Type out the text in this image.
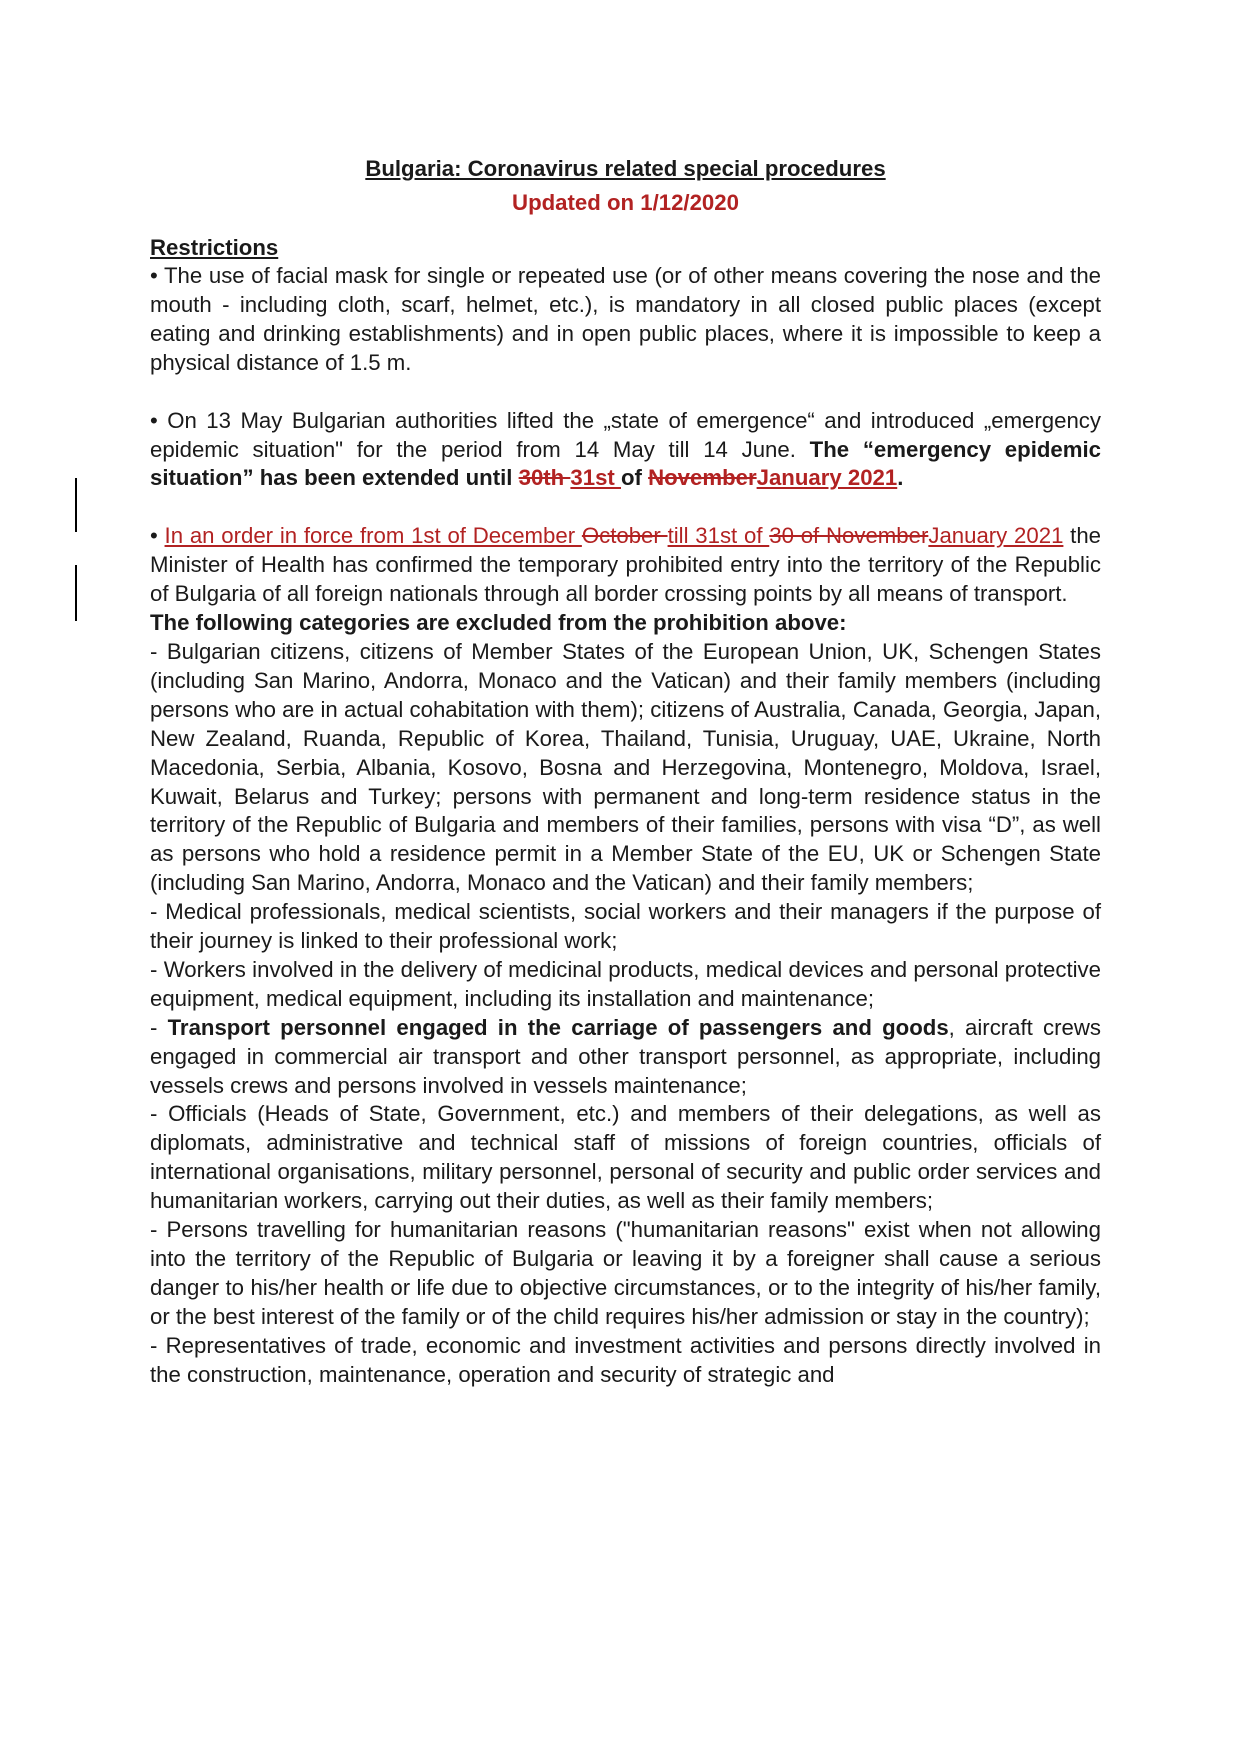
Bulgaria: Coronavirus related special procedures
Updated on 1/12/2020
Restrictions

• The use of facial mask for single or repeated use (or of other means covering the nose and the mouth - including cloth, scarf, helmet, etc.), is mandatory in all closed public places (except eating and drinking establishments) and in open public places, where it is impossible to keep a physical distance of 1.5 m.

• On 13 May Bulgarian authorities lifted the „state of emergence“ and introduced „emergency epidemic situation" for the period from 14 May till 14 June. The “emergency epidemic situation” has been extended until 30th 31st of NovemberJanuary 2021.

• In an order in force from 1st of December October till 31st of 30 of NovemberJanuary 2021 the Minister of Health has confirmed the temporary prohibited entry into the territory of the Republic of Bulgaria of all foreign nationals through all border crossing points by all means of transport.

The following categories are excluded from the prohibition above:

- Bulgarian citizens, citizens of Member States of the European Union, UK, Schengen States (including San Marino, Andorra, Monaco and the Vatican) and their family members (including persons who are in actual cohabitation with them); citizens of Australia, Canada, Georgia, Japan, New Zealand, Ruanda, Republic of Korea, Thailand, Tunisia, Uruguay, UAE, Ukraine, North Macedonia, Serbia, Albania, Kosovo, Bosna and Herzegovina, Montenegro, Moldova, Israel, Kuwait, Belarus and Turkey; persons with permanent and long-term residence status in the territory of the Republic of Bulgaria and members of their families, persons with visa “D”, as well as persons who hold a residence permit in a Member State of the EU, UK or Schengen State (including San Marino, Andorra, Monaco and the Vatican) and their family members;

- Medical professionals, medical scientists, social workers and their managers if the purpose of their journey is linked to their professional work;

- Workers involved in the delivery of medicinal products, medical devices and personal protective equipment, medical equipment, including its installation and maintenance;

- Transport personnel engaged in the carriage of passengers and goods, aircraft crews engaged in commercial air transport and other transport personnel, as appropriate, including vessels crews and persons involved in vessels maintenance;

- Officials (Heads of State, Government, etc.) and members of their delegations, as well as diplomats, administrative and technical staff of missions of foreign countries, officials of international organisations, military personnel, personal of security and public order services and humanitarian workers, carrying out their duties, as well as their family members;

- Persons travelling for humanitarian reasons ("humanitarian reasons" exist when not allowing into the territory of the Republic of Bulgaria or leaving it by a foreigner shall cause a serious danger to his/her health or life due to objective circumstances, or to the integrity of his/her family, or the best interest of the family or of the child requires his/her admission or stay in the country);

- Representatives of trade, economic and investment activities and persons directly involved in the construction, maintenance, operation and security of strategic and
